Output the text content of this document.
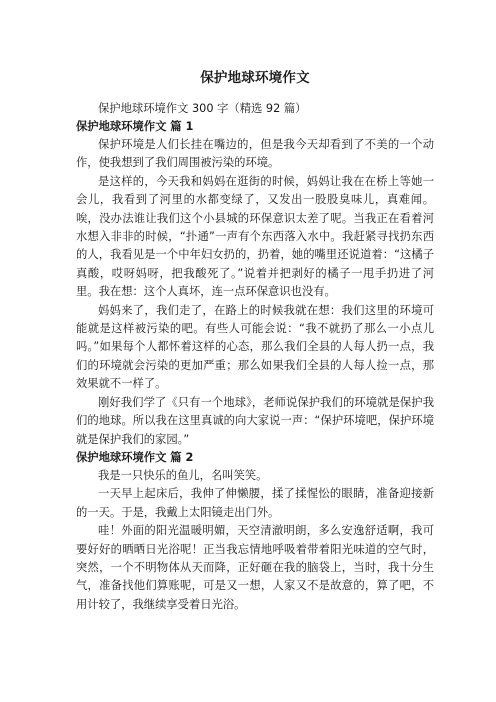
保护地球环境作文

保护地球环境作文 300 字（精选 92 篇）

保护地球环境作文 篇 1

保护环境是人们长挂在嘴边的，但是我今天却看到了不美的一个动作，使我想到了我们周围被污染的环境。

是这样的，今天我和妈妈在逛街的时候，妈妈让我在在桥上等她一会儿，我看到了河里的水都变绿了，又发出一股股臭味儿，真难闻。唉，没办法谁让我们这个小县城的环保意识太差了呢。当我正在看着河水想入非非的时候，“扑通”一声有个东西落入水中。我赶紧寻找扔东西的人，我看见是一个中年妇女扔的，扔着，她的嘴里还说道着：“这橘子真酸，哎呀妈呀，把我酸死了。”说着并把剥好的橘子一甩手扔进了河里。我在想：这个人真坏，连一点环保意识也没有。

妈妈来了，我们走了，在路上的时候我就在想：我们这里的环境可能就是这样被污染的吧。有些人可能会说：“我不就扔了那么一小点儿吗。”如果每个人都怀着这样的心态，那么我们全县的人每人扔一点，我们的环境就会污染的更加严重；那么如果我们全县的人每人捡一点，那效果就不一样了。

刚好我们学了《只有一个地球》，老师说保护我们的环境就是保护我们的地球。所以我在这里真诚的向大家说一声：“保护环境吧，保护环境就是保护我们的家园。”

保护地球环境作文 篇 2

我是一只快乐的鱼儿，名叫笑笑。

一天早上起床后，我伸了伸懒腰，揉了揉惺忪的眼睛，准备迎接新的一天。于是，我戴上太阳镜走出门外。

哇！外面的阳光温暖明媚，天空清澈明朗，多么安逸舒适啊，我可要好好的晒晒日光浴呢！正当我忘情地呼吸着带着阳光味道的空气时，突然，一个不明物体从天而降，正好砸在我的脑袋上，当时，我十分生气，准备找他们算账呢，可是又一想，人家又不是故意的，算了吧，不用计较了，我继续享受着日光浴。
